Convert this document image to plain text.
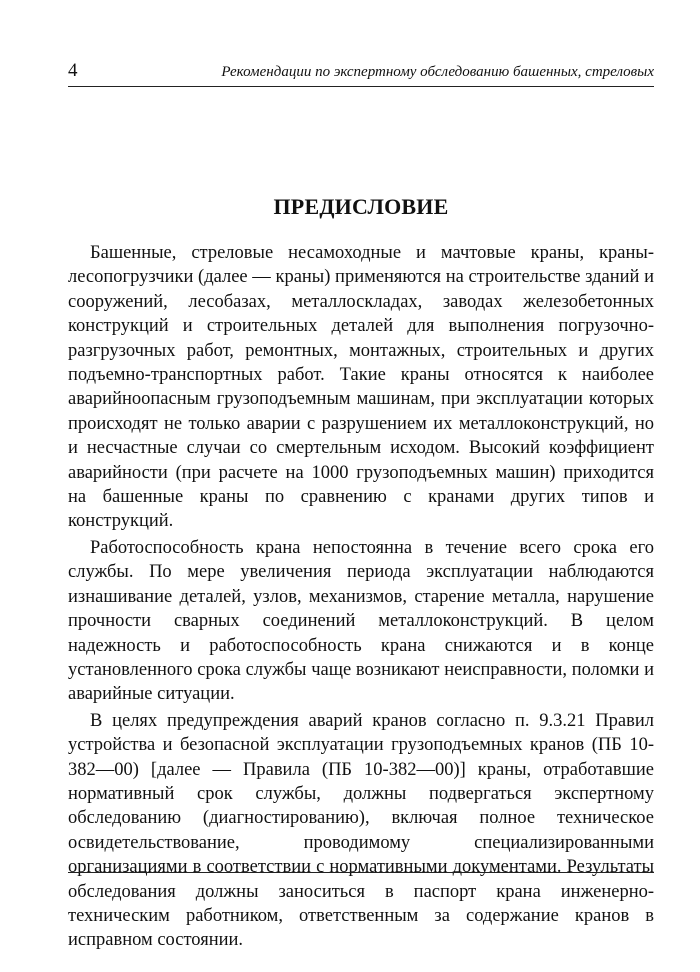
4	Рекомендации по экспертному обследованию башенных, стреловых
ПРЕДИСЛОВИЕ

Башенные, стреловые несамоходные и мачтовые краны, краны-лесопогрузчики (далее — краны) применяются на строительстве зданий и сооружений, лесобазах, металлоскладах, заводах железобетонных конструкций и строительных деталей для выполнения погрузочно-разгрузочных работ, ремонтных, монтажных, строительных и других подъемно-транспортных работ. Такие краны относятся к наиболее аварийноопасным грузоподъемным машинам, при эксплуатации которых происходят не только аварии с разрушением их металлоконструкций, но и несчастные случаи со смертельным исходом. Высокий коэффициент аварийности (при расчете на 1000 грузоподъемных машин) приходится на башенные краны по сравнению с кранами других типов и конструкций.

Работоспособность крана непостоянна в течение всего срока его службы. По мере увеличения периода эксплуатации наблюдаются изнашивание деталей, узлов, механизмов, старение металла, нарушение прочности сварных соединений металлоконструкций. В целом надежность и работоспособность крана снижаются и в конце установленного срока службы чаще возникают неисправности, поломки и аварийные ситуации.

В целях предупреждения аварий кранов согласно п. 9.3.21 Правил устройства и безопасной эксплуатации грузоподъемных кранов (ПБ 10-382—00) [далее — Правила (ПБ 10-382—00)] краны, отработавшие нормативный срок службы, должны подвергаться экспертному обследованию (диагностированию), включая полное техническое освидетельствование, проводимому специализированными организациями в соответствии с нормативными документами. Результаты обследования должны заноситься в паспорт крана инженерно-техническим работником, ответственным за содержание кранов в исправном состоянии.
